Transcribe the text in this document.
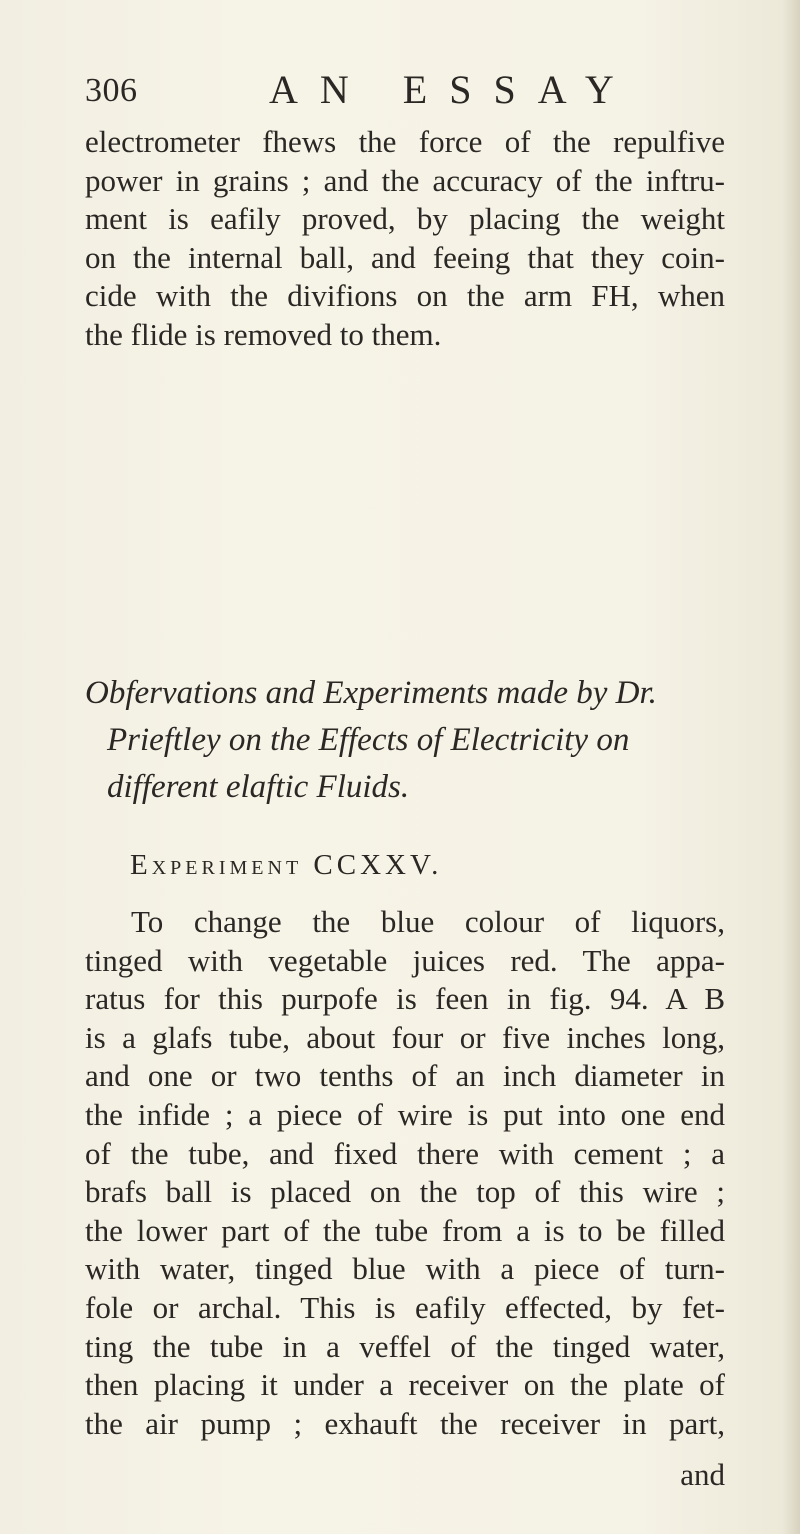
306	AN ESSAY

electrometer fhews the force of the repulfive
power in grains ; and the accuracy of the inftru-
ment is eafily proved, by placing the weight
on the internal ball, and feeing that they coin-
cide with the divifions on the arm FH, when
the flide is removed to them.

Obfervations and Experiments made by Dr.
Prieftley on the Effects of Electricity on
different elaftic Fluids.

Experiment CCXXV.

To change the blue colour of liquors,
tinged with vegetable juices red. The appa-
ratus for this purpofe is feen in fig. 94. A B
is a glafs tube, about four or five inches long,
and one or two tenths of an inch diameter in
the infide ; a piece of wire is put into one end
of the tube, and fixed there with cement ; a
brafs ball is placed on the top of this wire ;
the lower part of the tube from a is to be filled
with water, tinged blue with a piece of turn-
fole or archal. This is eafily effected, by fet-
ting the tube in a veffel of the tinged water,
then placing it under a receiver on the plate of
the air pump ; exhauft the receiver in part,

and
